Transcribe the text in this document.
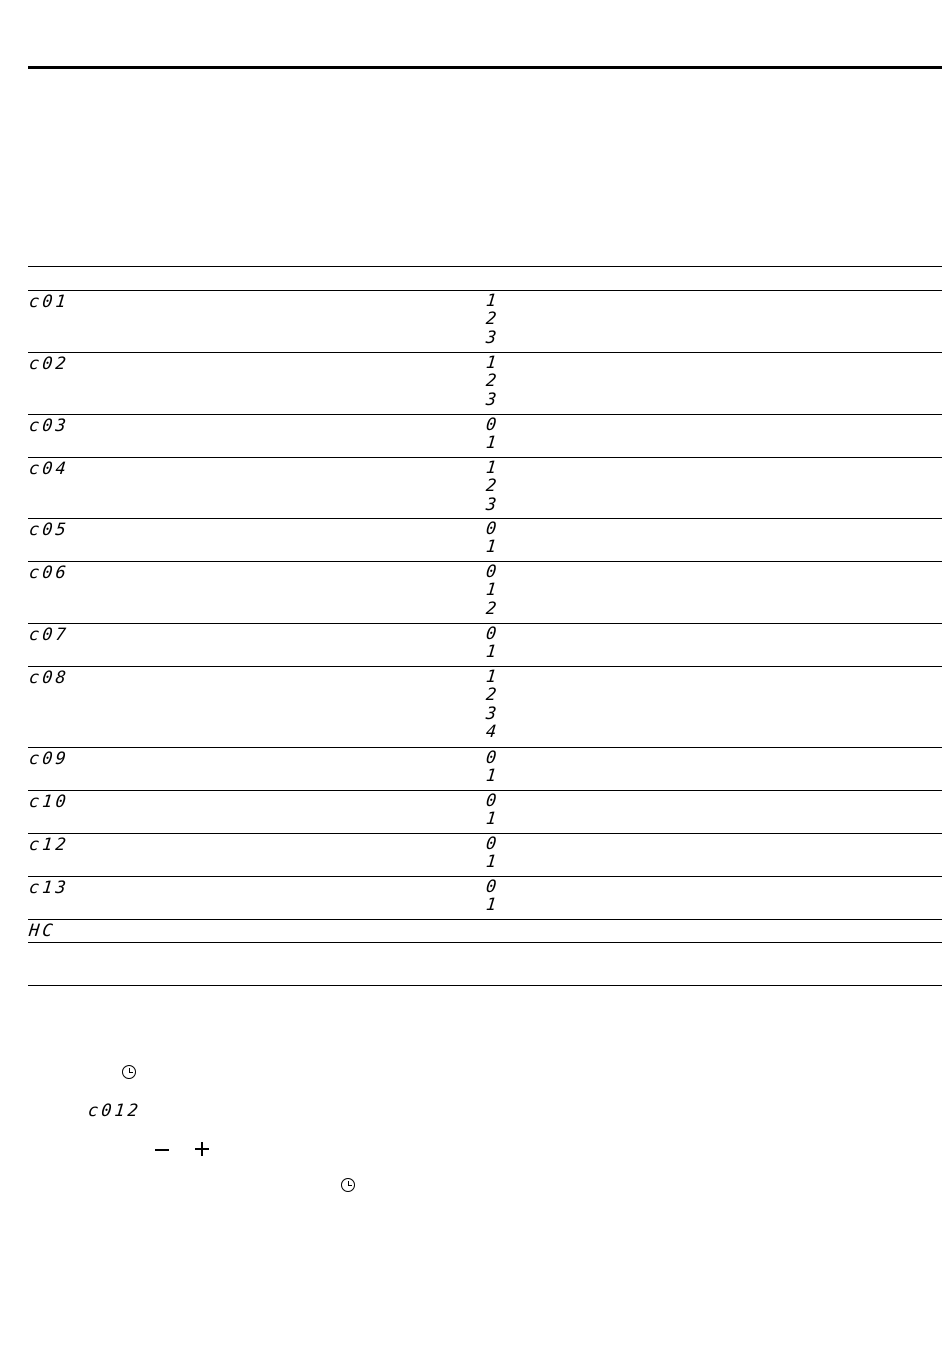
c01	1
2
3
c02	1
2
3
c03	0
1
c04	1
2
3
c05	0
1
c06	0
1
2
c07	0
1
c08	1
2
3
4
c09	0
1
c10	0
1
c12	0
1
c13	0
1
HC
c012
